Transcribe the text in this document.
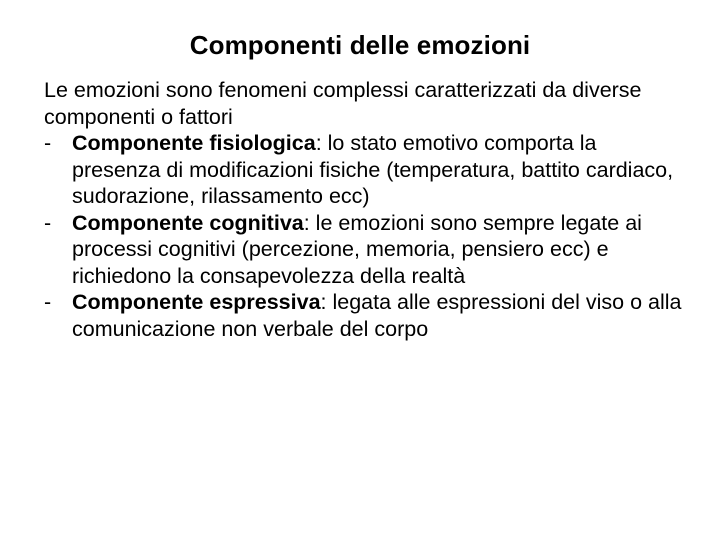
Componenti delle emozioni

Le emozioni sono fenomeni complessi caratterizzati da diverse componenti o fattori

- Componente fisiologica: lo stato emotivo comporta la presenza di modificazioni fisiche (temperatura, battito cardiaco, sudorazione, rilassamento ecc)
- Componente cognitiva: le emozioni sono sempre legate ai processi cognitivi (percezione, memoria, pensiero ecc) e richiedono la consapevolezza della realtà
- Componente espressiva: legata alle espressioni del viso o alla comunicazione non verbale del corpo
